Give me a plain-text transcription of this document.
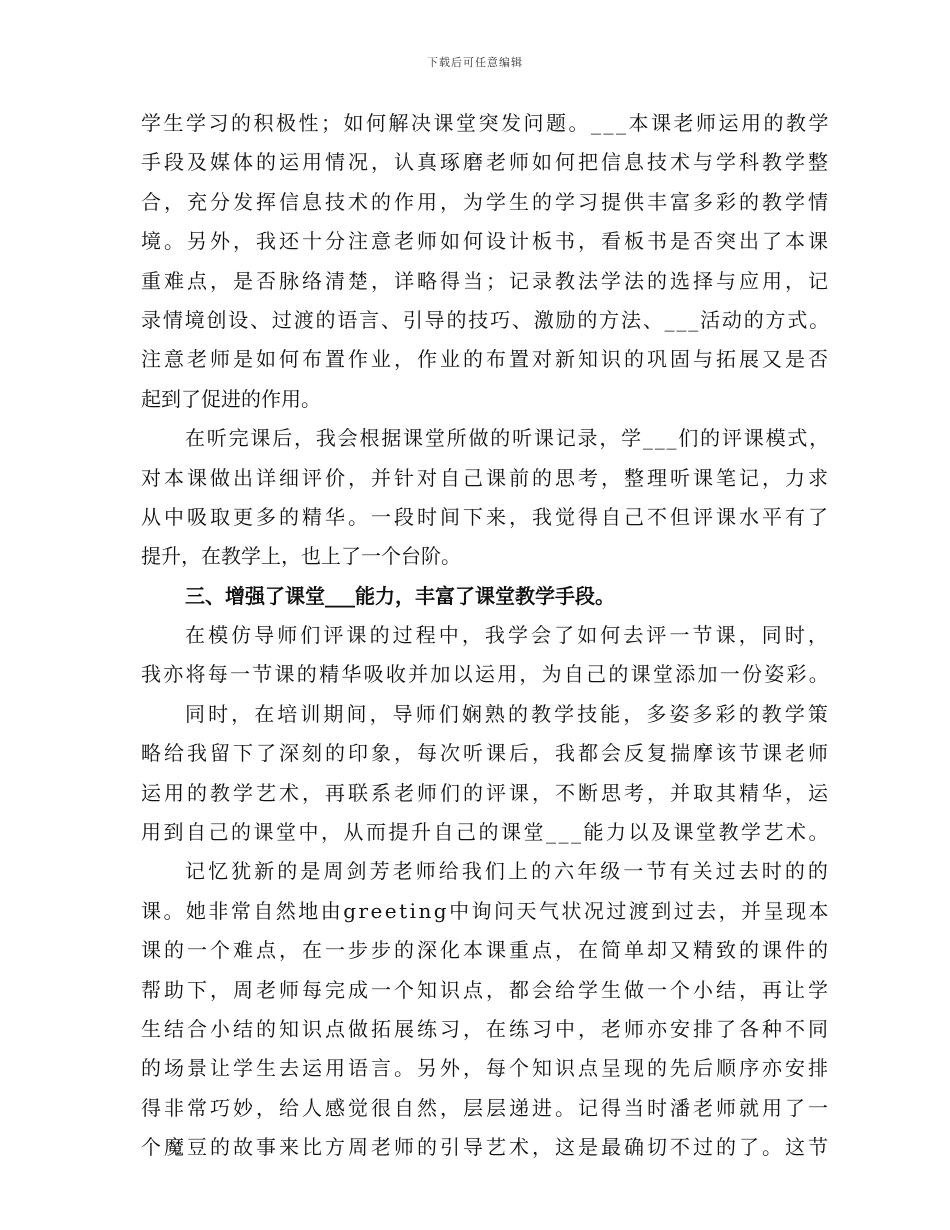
下载后可任意编辑
学生学习的积极性；如何解决课堂突发问题。___本课老师运用的教学
手段及媒体的运用情况，认真琢磨老师如何把信息技术与学科教学整
合，充分发挥信息技术的作用，为学生的学习提供丰富多彩的教学情
境。另外，我还十分注意老师如何设计板书，看板书是否突出了本课
重难点，是否脉络清楚，详略得当；记录教法学法的选择与应用，记
录情境创设、过渡的语言、引导的技巧、激励的方法、___活动的方式。
注意老师是如何布置作业，作业的布置对新知识的巩固与拓展又是否
起到了促进的作用。
在听完课后，我会根据课堂所做的听课记录，学___们的评课模式，
对本课做出详细评价，并针对自己课前的思考，整理听课笔记，力求
从中吸取更多的精华。一段时间下来，我觉得自己不但评课水平有了
提升，在教学上，也上了一个台阶。
三、增强了课堂___能力，丰富了课堂教学手段。
在模仿导师们评课的过程中，我学会了如何去评一节课，同时，
我亦将每一节课的精华吸收并加以运用，为自己的课堂添加一份姿彩。
同时，在培训期间，导师们娴熟的教学技能，多姿多彩的教学策
略给我留下了深刻的印象，每次听课后，我都会反复揣摩该节课老师
运用的教学艺术，再联系老师们的评课，不断思考，并取其精华，运
用到自己的课堂中，从而提升自己的课堂___能力以及课堂教学艺术。
记忆犹新的是周剑芳老师给我们上的六年级一节有关过去时的的
课。她非常自然地由greeting中询问天气状况过渡到过去，并呈现本
课的一个难点，在一步步的深化本课重点，在简单却又精致的课件的
帮助下，周老师每完成一个知识点，都会给学生做一个小结，再让学
生结合小结的知识点做拓展练习，在练习中，老师亦安排了各种不同
的场景让学生去运用语言。另外，每个知识点呈现的先后顺序亦安排
得非常巧妙，给人感觉很自然，层层递进。记得当时潘老师就用了一
个魔豆的故事来比方周老师的引导艺术，这是最确切不过的了。这节
